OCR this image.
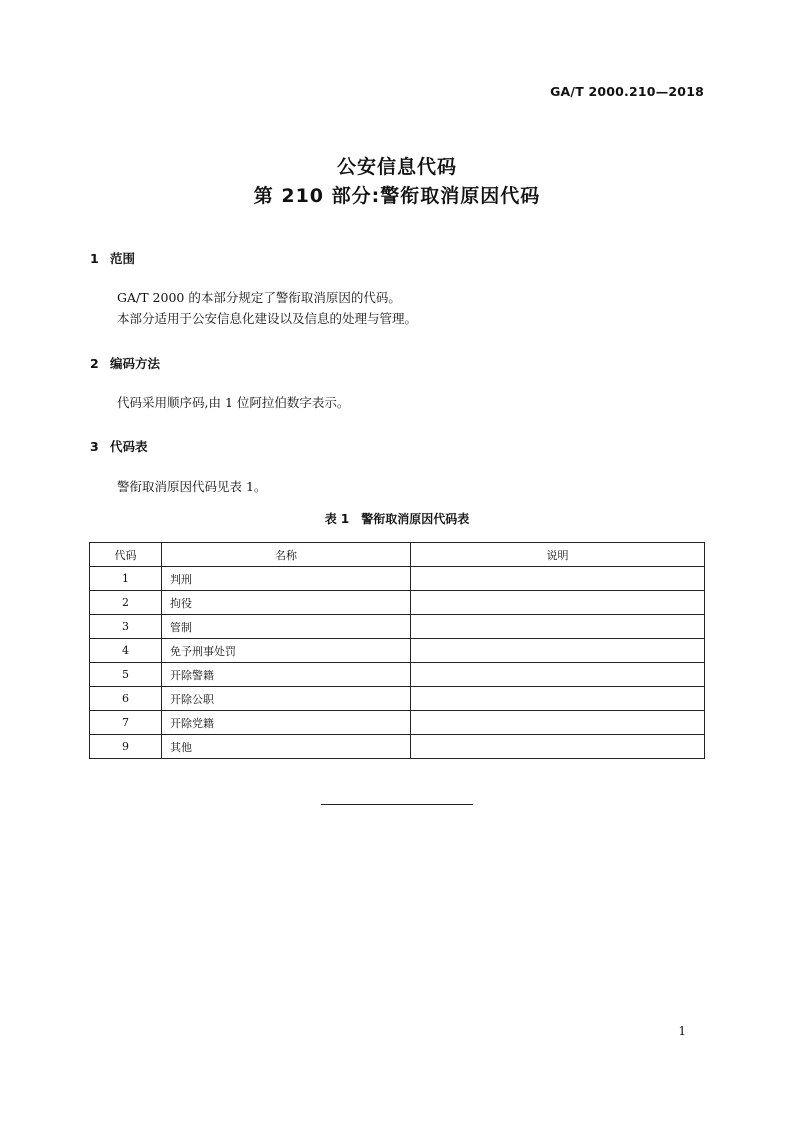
GA/T 2000.210—2018
公安信息代码
第 210 部分:警衔取消原因代码
1 范围
GA/T 2000 的本部分规定了警衔取消原因的代码。
本部分适用于公安信息化建设以及信息的处理与管理。
2 编码方法
代码采用顺序码,由 1 位阿拉伯数字表示。
3 代码表
警衔取消原因代码见表 1。
表 1 警衔取消原因代码表
代码	名称	说明
1	判刑	
2	拘役	
3	管制	
4	免予刑事处罚	
5	开除警籍	
6	开除公职	
7	开除党籍	
9	其他	
1
